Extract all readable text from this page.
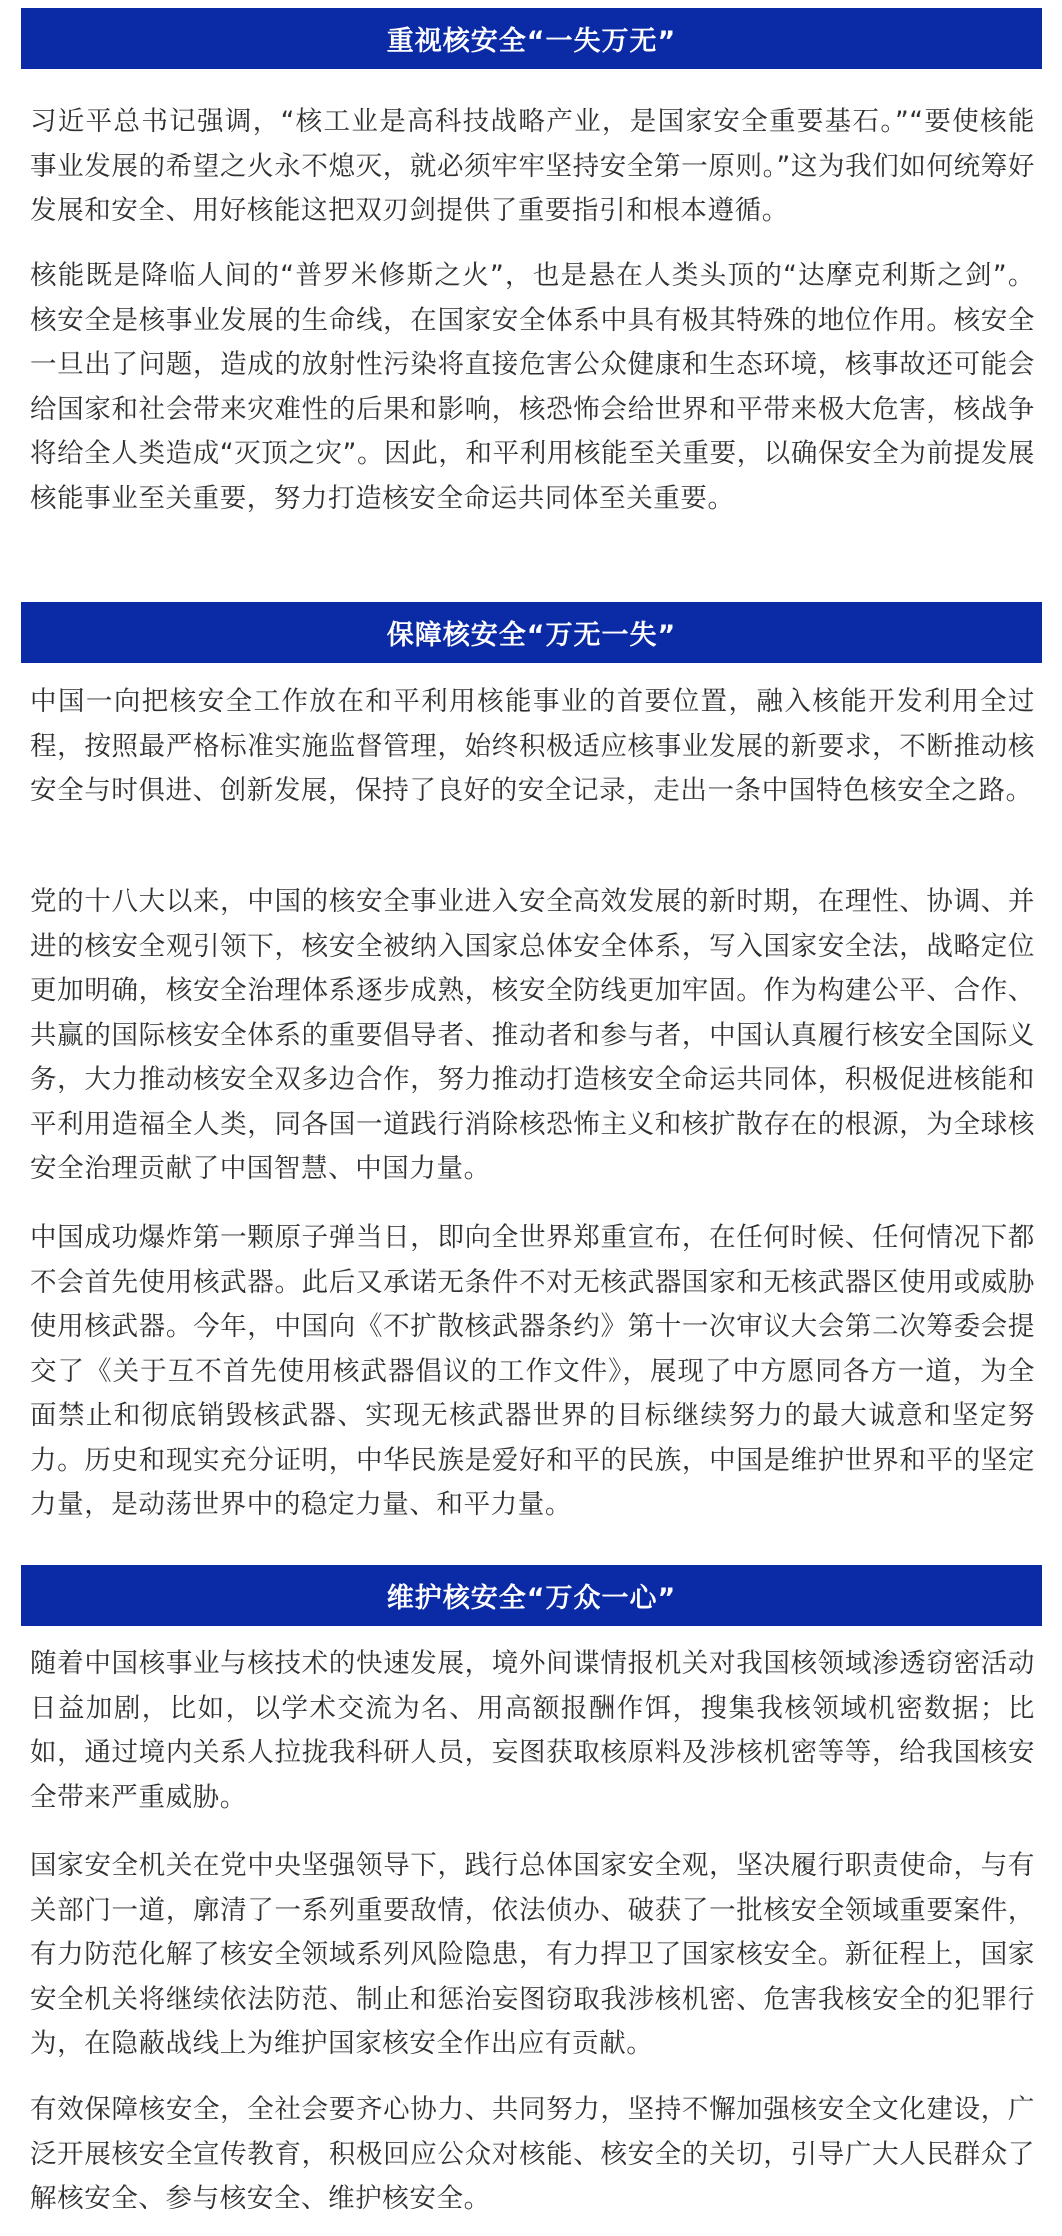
重视核安全“一失万无”

习近平总书记强调，“核工业是高科技战略产业，是国家安全重要基石。”“要使核能事业发展的希望之火永不熄灭，就必须牢牢坚持安全第一原则。”这为我们如何统筹好发展和安全、用好核能这把双刃剑提供了重要指引和根本遵循。

核能既是降临人间的“普罗米修斯之火”，也是悬在人类头顶的“达摩克利斯之剑”。核安全是核事业发展的生命线，在国家安全体系中具有极其特殊的地位作用。核安全一旦出了问题，造成的放射性污染将直接危害公众健康和生态环境，核事故还可能会给国家和社会带来灾难性的后果和影响，核恐怖会给世界和平带来极大危害，核战争将给全人类造成“灭顶之灾”。因此，和平利用核能至关重要，以确保安全为前提发展核能事业至关重要，努力打造核安全命运共同体至关重要。

保障核安全“万无一失”

中国一向把核安全工作放在和平利用核能事业的首要位置，融入核能开发利用全过程，按照最严格标准实施监督管理，始终积极适应核事业发展的新要求，不断推动核安全与时俱进、创新发展，保持了良好的安全记录，走出一条中国特色核安全之路。

党的十八大以来，中国的核安全事业进入安全高效发展的新时期，在理性、协调、并进的核安全观引领下，核安全被纳入国家总体安全体系，写入国家安全法，战略定位更加明确，核安全治理体系逐步成熟，核安全防线更加牢固。作为构建公平、合作、共赢的国际核安全体系的重要倡导者、推动者和参与者，中国认真履行核安全国际义务，大力推动核安全双多边合作，努力推动打造核安全命运共同体，积极促进核能和平利用造福全人类，同各国一道践行消除核恐怖主义和核扩散存在的根源，为全球核安全治理贡献了中国智慧、中国力量。

中国成功爆炸第一颗原子弹当日，即向全世界郑重宣布，在任何时候、任何情况下都不会首先使用核武器。此后又承诺无条件不对无核武器国家和无核武器区使用或威胁使用核武器。今年，中国向《不扩散核武器条约》第十一次审议大会第二次筹委会提交了《关于互不首先使用核武器倡议的工作文件》，展现了中方愿同各方一道，为全面禁止和彻底销毁核武器、实现无核武器世界的目标继续努力的最大诚意和坚定努力。历史和现实充分证明，中华民族是爱好和平的民族，中国是维护世界和平的坚定力量，是动荡世界中的稳定力量、和平力量。

维护核安全“万众一心”

随着中国核事业与核技术的快速发展，境外间谍情报机关对我国核领域渗透窃密活动日益加剧，比如，以学术交流为名、用高额报酬作饵，搜集我核领域机密数据；比如，通过境内关系人拉拢我科研人员，妄图获取核原料及涉核机密等等，给我国核安全带来严重威胁。

国家安全机关在党中央坚强领导下，践行总体国家安全观，坚决履行职责使命，与有关部门一道，廓清了一系列重要敌情，依法侦办、破获了一批核安全领域重要案件，有力防范化解了核安全领域系列风险隐患，有力捍卫了国家核安全。新征程上，国家安全机关将继续依法防范、制止和惩治妄图窃取我涉核机密、危害我核安全的犯罪行为，在隐蔽战线上为维护国家核安全作出应有贡献。

有效保障核安全，全社会要齐心协力、共同努力，坚持不懈加强核安全文化建设，广泛开展核安全宣传教育，积极回应公众对核能、核安全的关切，引导广大人民群众了解核安全、参与核安全、维护核安全。
